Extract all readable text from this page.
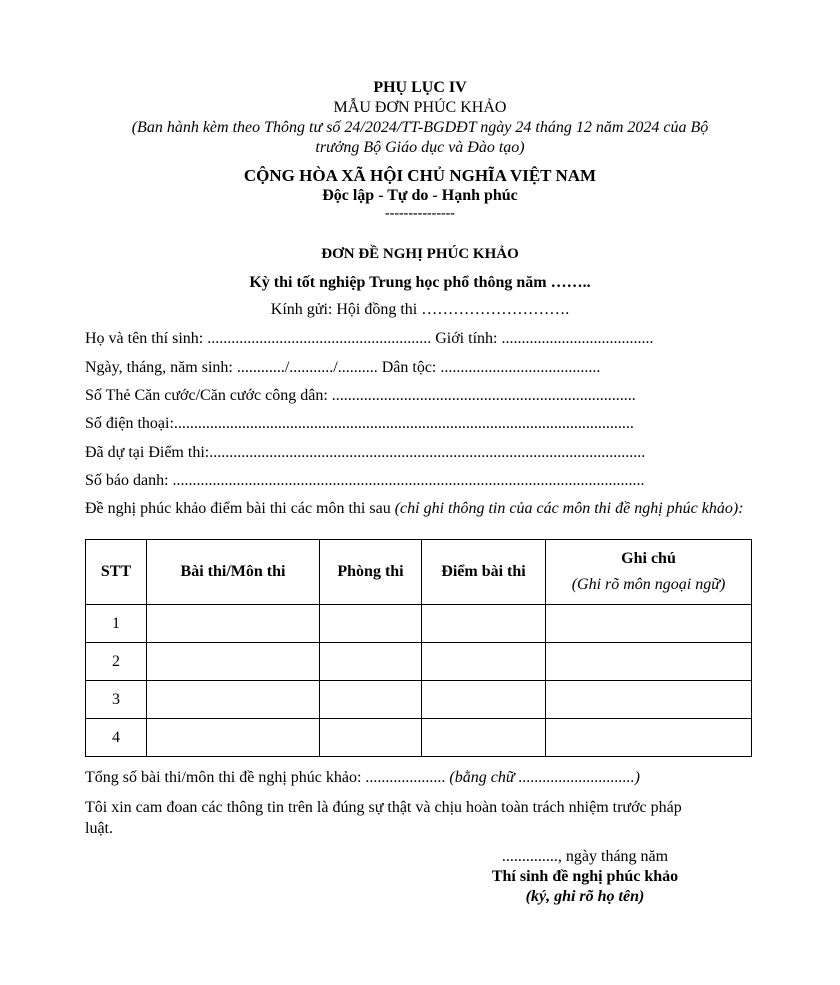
PHỤ LỤC IV
MẪU ĐƠN PHÚC KHẢO
(Ban hành kèm theo Thông tư số 24/2024/TT-BGDĐT ngày 24 tháng 12 năm 2024 của Bộ
trưởng Bộ Giáo dục và Đào tạo)
CỘNG HÒA XÃ HỘI CHỦ NGHĨA VIỆT NAM
Độc lập - Tự do - Hạnh phúc
---------------
ĐƠN ĐỀ NGHỊ PHÚC KHẢO
Kỳ thi tốt nghiệp Trung học phổ thông năm ……..
Kính gửi: Hội đồng thi ……………………….
Họ và tên thí sinh: ........................................................ Giới tính: ......................................
Ngày, tháng, năm sinh: ............/.........../.......... Dân tộc: ........................................
Số Thẻ Căn cước/Căn cước công dân: ............................................................................
Số điện thoại:...................................................................................................................
Đã dự tại Điểm thi:.............................................................................................................
Số báo danh: ......................................................................................................................
Đề nghị phúc khảo điểm bài thi các môn thi sau (chỉ ghi thông tin của các môn thi đề nghị phúc khảo):
STT	Bài thi/Môn thi	Phòng thi	Điểm bài thi	Ghi chú
(Ghi rõ môn ngoại ngữ)

1				
2				
3				
4				
Tổng số bài thi/môn thi đề nghị phúc khảo: .................... (bằng chữ .............................)
Tôi xin cam đoan các thông tin trên là đúng sự thật và chịu hoàn toàn trách nhiệm trước pháp
luật.
.............., ngày tháng năm
Thí sinh đề nghị phúc khảo
(ký, ghi rõ họ tên)
